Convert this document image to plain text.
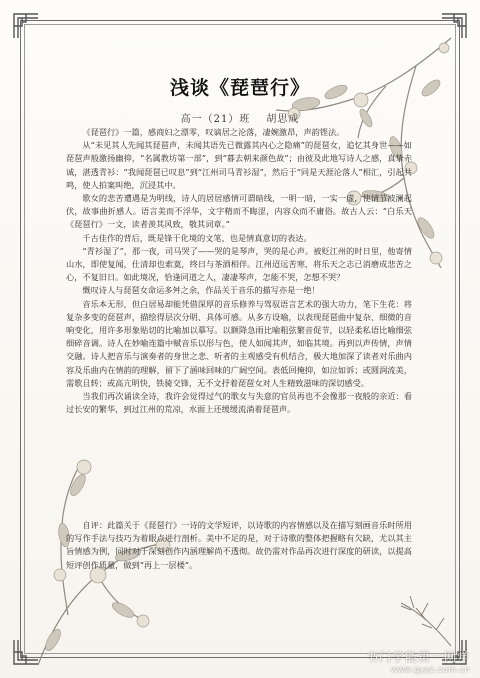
浅谈《琵琶行》
高一（21）班 胡思成

《琵琶行》一篇，感商妇之漂零，叹谪居之沦落，凄婉激昂，声韵铿法。

从“未见其人先闻其琵琶声，未闻其语先已微露其内心之隐痛”的琵琶女，追忆其身世——如琵琶声般激扬幽抑，“名属教坊第一部”，到“暮去朝来颜色故”；由彼及此地写诗人之感，真挚赤诚，湛透青衫：“我闻琵琶已叹息”到“江州司马青衫湿”，然后于“同是天涯沦落人”相汇，引起共鸣，使人拍案叫绝，沉浸其中。

歌女的悲苦遭遇是为明线，诗人的居居感情可谓暗线，一明一暗，一实一虚，使情节波澜起伏，故事曲折感人。语言美而不浮华，文字精而不晦涩，内容众而不庸俗。故古人云：“白乐天《琵琶行》一文，读者羡其风致，敬其词章。”

千古佳作的背后，既是锋于化境的文笔，也是情真意切的表达。

“青衫湿了”，那一夜，司马哭了——哭的是琴声，哭的是心声。被贬江州的时日里，他寄情山水，即使复闻，仕清却也索寞，终日与茶酒相伴。江州迢远苦寒，将乐天之志已消磨成悲苦之心，不复旧日。如此境况，恰逢同道之人，凄凄琴声，怎能不哭，怎想不哭？

慨叹诗人与琵琶女命运多舛之余，作品关于音乐的描写亦是一绝！

音乐本无形，但白居易却能凭借深厚的音乐修养与驾驭语言艺术的强大功力，笔下生花：将复杂多变的琵琶声，描绘得层次分明、具体可感。从多方设喻，以表现琵琶曲中复杂、细微的音响变化，用许多形象贴切的比喻加以摹写。以额降急雨比喻粗弦繁音促节，以轻柔私语比喻细弦细碎音调。诗人在妙喻连篇中赋音乐以形与色，使人如闻其声，如临其境。再到以声传情，声情交融。诗人把音乐与演奏者的身世之悲、听者的主观感受有机结合，极大地加深了读者对乐曲内容及乐曲内在情韵的理解，留下了涵味回味的广阔空间。表低回掩抑，如泣如诉；或圆润流美，需歌且转；或高亢明快，铁骑交锋，无不文抒着琵琶女对人生精致滋味的深切感受。

当我们再次诵读全诗，我许会觉得过气的歌女与失意的官员再也不会像那一夜般的亲近：看过长安的繁华，到过江州的荒凉，水面上还缓缓流淌着琵琶声。

自评：此篇关于《琵琶行》一诗的文学短评，以诗歌的内容情感以及在描写刻画音乐时所用的写作手法与技巧为着眼点进行剖析。美中不足的是，对于诗歌的整体把握略有欠缺，尤以其主旨情感为例，同时对于深刻创作内涵理解尚不透彻。故仍需对作品再次进行深度的研读，以提高短评创作质量，做到“再上一层楼”。

书门学能第一网学
www.gyyz.com.cn
